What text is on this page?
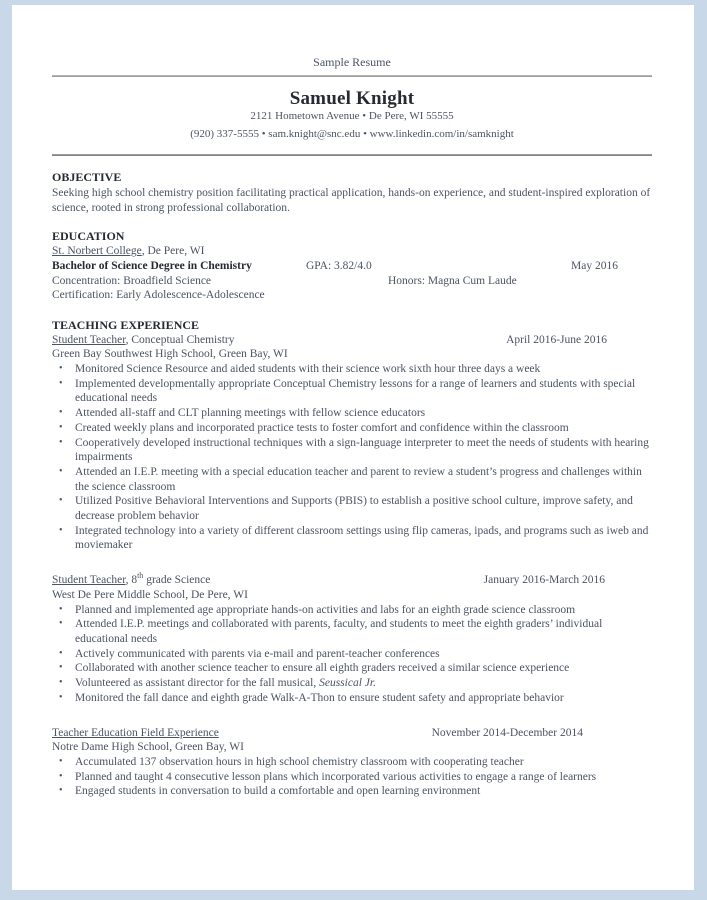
Sample Resume
Samuel Knight
2121 Hometown Avenue • De Pere, WI 55555
(920) 337-5555 • sam.knight@snc.edu • www.linkedin.com/in/samknight
OBJECTIVE
Seeking high school chemistry position facilitating practical application, hands-on experience, and student-inspired exploration of science, rooted in strong professional collaboration.
EDUCATION
St. Norbert College, De Pere, WI
Bachelor of Science Degree in Chemistry	GPA: 3.82/4.0	May 2016
Concentration: Broadfield Science	Honors: Magna Cum Laude
Certification: Early Adolescence-Adolescence
TEACHING EXPERIENCE
Student Teacher, Conceptual Chemistry	April 2016-June 2016
Green Bay Southwest High School, Green Bay, WI
• Monitored Science Resource and aided students with their science work sixth hour three days a week
• Implemented developmentally appropriate Conceptual Chemistry lessons for a range of learners and students with special educational needs
• Attended all-staff and CLT planning meetings with fellow science educators
• Created weekly plans and incorporated practice tests to foster comfort and confidence within the classroom
• Cooperatively developed instructional techniques with a sign-language interpreter to meet the needs of students with hearing impairments
• Attended an I.E.P. meeting with a special education teacher and parent to review a student’s progress and challenges within the science classroom
• Utilized Positive Behavioral Interventions and Supports (PBIS) to establish a positive school culture, improve safety, and decrease problem behavior
• Integrated technology into a variety of different classroom settings using flip cameras, ipads, and programs such as iweb and moviemaker
Student Teacher, 8th grade Science	January 2016-March 2016
West De Pere Middle School, De Pere, WI
• Planned and implemented age appropriate hands-on activities and labs for an eighth grade science classroom
• Attended I.E.P. meetings and collaborated with parents, faculty, and students to meet the eighth graders’ individual educational needs
• Actively communicated with parents via e-mail and parent-teacher conferences
• Collaborated with another science teacher to ensure all eighth graders received a similar science experience
• Volunteered as assistant director for the fall musical, Seussical Jr.
• Monitored the fall dance and eighth grade Walk-A-Thon to ensure student safety and appropriate behavior
Teacher Education Field Experience	November 2014-December 2014
Notre Dame High School, Green Bay, WI
• Accumulated 137 observation hours in high school chemistry classroom with cooperating teacher
• Planned and taught 4 consecutive lesson plans which incorporated various activities to engage a range of learners
• Engaged students in conversation to build a comfortable and open learning environment
